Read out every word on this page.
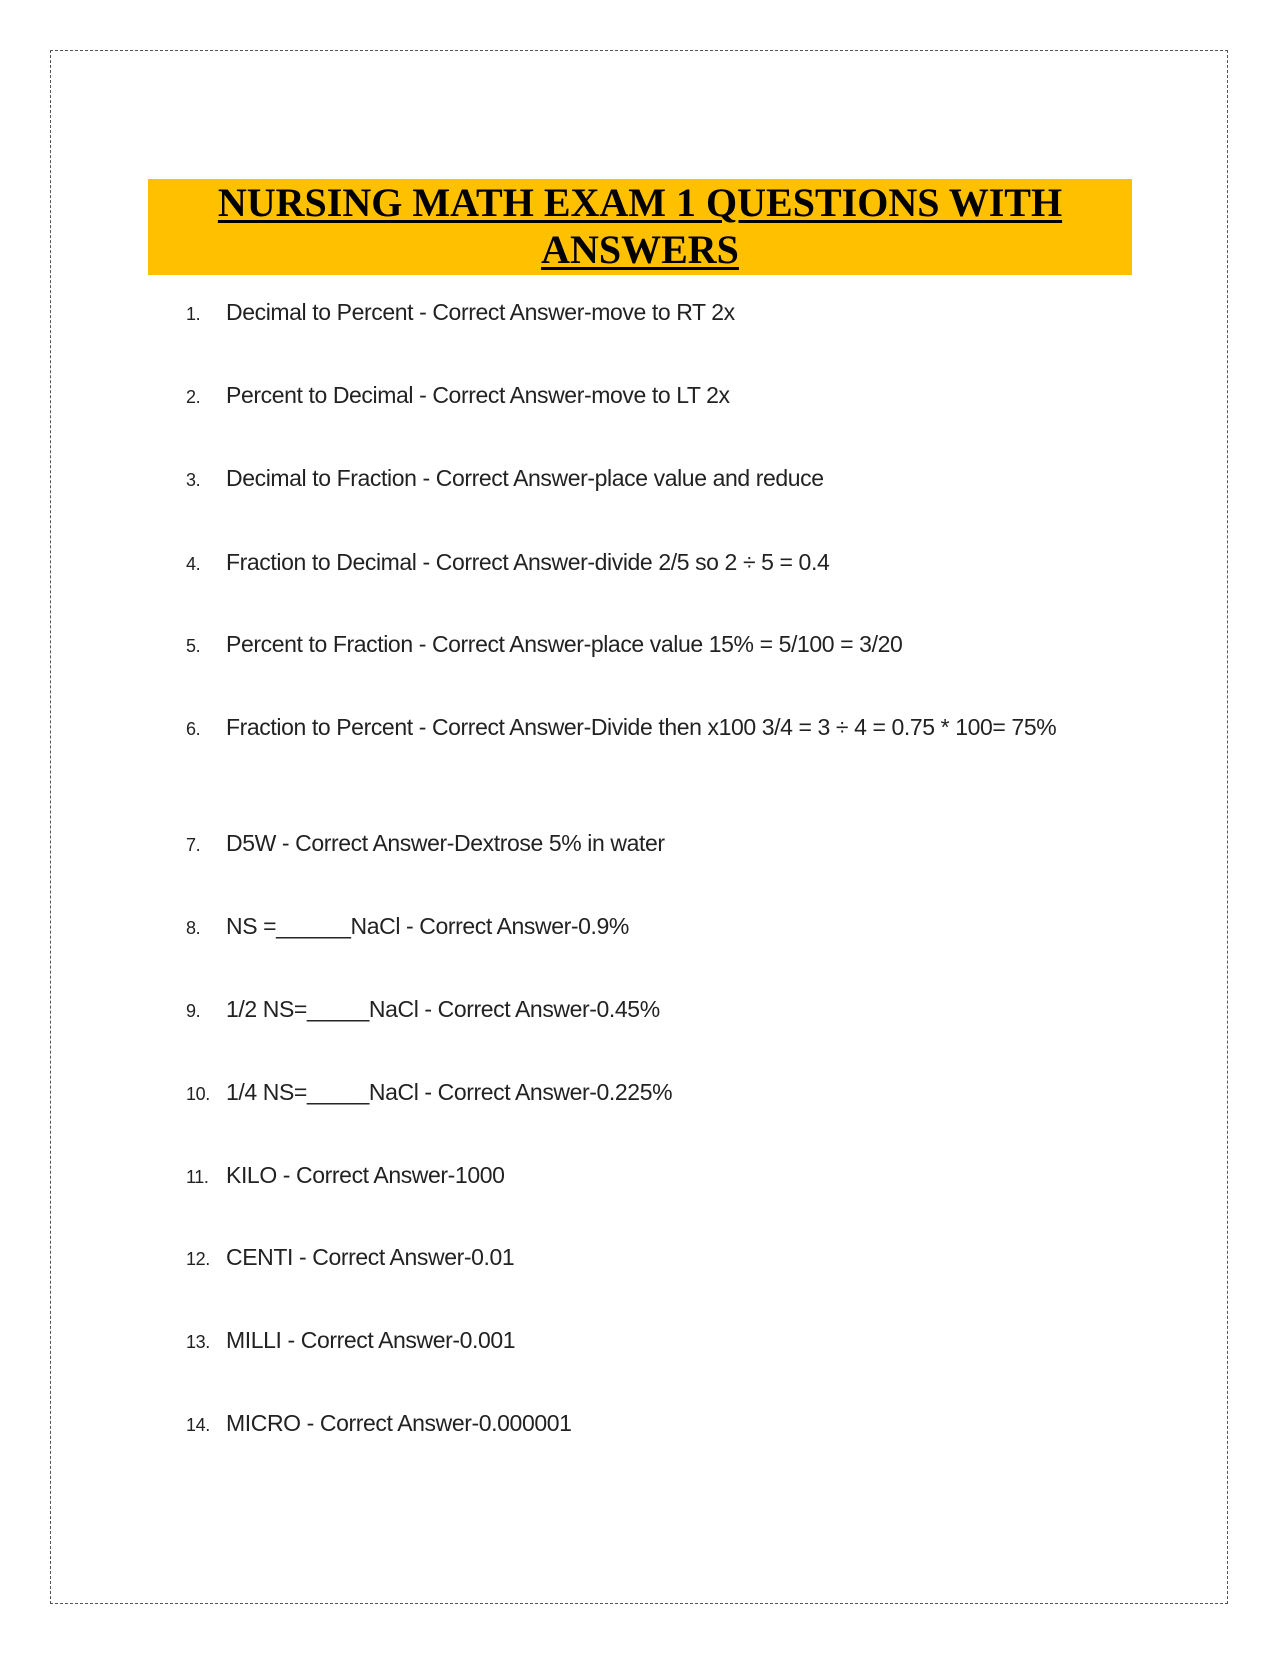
NURSING MATH EXAM 1 QUESTIONS WITH ANSWERS
1. Decimal to Percent - Correct Answer-move to RT 2x
2. Percent to Decimal - Correct Answer-move to LT 2x
3. Decimal to Fraction - Correct Answer-place value and reduce
4. Fraction to Decimal - Correct Answer-divide 2/5 so 2 ÷ 5 = 0.4
5. Percent to Fraction - Correct Answer-place value 15% = 5/100 = 3/20
6. Fraction to Percent - Correct Answer-Divide then x100 3/4 = 3 ÷ 4 = 0.75 * 100= 75%
7. D5W - Correct Answer-Dextrose 5% in water
8. NS =______NaCl - Correct Answer-0.9%
9. 1/2 NS=_____NaCl - Correct Answer-0.45%
10. 1/4 NS=_____NaCl - Correct Answer-0.225%
11. KILO - Correct Answer-1000
12. CENTI - Correct Answer-0.01
13. MILLI - Correct Answer-0.001
14. MICRO - Correct Answer-0.000001
